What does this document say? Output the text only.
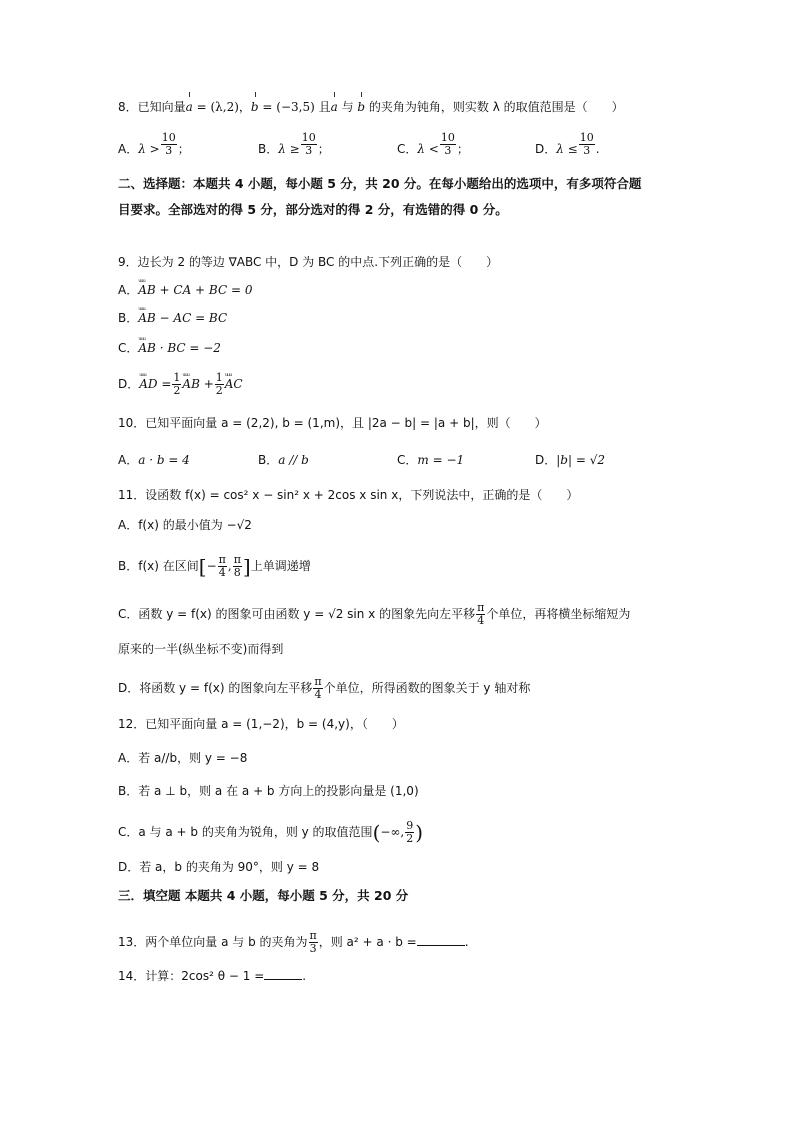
8．已知向量a = (λ,2)，b = (−3,5) 且a 与 b 的夹角为钝角，则实数 λ 的取值范围是（　　）
A．$\lambda > \frac{10}{3}$ ；	B．$\lambda \ge \frac{10}{3}$ ；	C．$\lambda < \frac{10}{3}$ ；	D．$\lambda \le \frac{10}{3}$ .
二、选择题：本题共 4 小题，每小题 5 分，共 20 分。在每小题给出的选项中，有多项符合题
目要求。全部选对的得 5 分，部分选对的得 2 分，有选错的得 0 分。
9．边长为 2 的等边 ∇ABC 中，D 为 BC 的中点.下列正确的是（　　）
A．ᵤᵤᵤ AB + CA + BC = 0
B．ᵤᵤᵤ AB − AC = BC
C．ᵤᵤᵤ AB · BC = −2
D．ᵤᵤᵤ AD = $\frac{1}{2}$ ᵤᵤᵤ AB + $\frac{1}{2}$ ᵤᵤᵤ AC
10．已知平面向量 a = (2,2), b = (1,m)，且 |2a − b| = |a + b|，则（　　）
A．a · b = 4	B．a // b	C．m = −1	D．|b| = √2
11．设函数 f(x) = cos² x − sin² x + 2cos x sin x，下列说法中，正确的是（　　）
A．f(x) 的最小值为 −√2
B．f(x) 在区间[− $\frac{\pi}{4}$ , $\frac{\pi}{8}$ ]上单调递增
C．函数 y = f(x) 的图象可由函数 y = √2 sin x 的图象先向左平移 $\frac{\pi}{4}$ 个单位，再将横坐标缩短为
原来的一半(纵坐标不变)而得到
D．将函数 y = f(x) 的图象向左平移 $\frac{\pi}{4}$ 个单位，所得函数的图象关于 y 轴对称
12．已知平面向量 a = (1,−2)，b = (4,y)，（　　）
A．若 a//b，则 y = −8
B．若 a ⊥ b，则 a 在 a + b 方向上的投影向量是 (1,0)
C．a 与 a + b 的夹角为锐角，则 y 的取值范围(−∞, $\frac{9}{2}$ )
D．若 a，b 的夹角为 90°，则 y = 8
三．填空题 本题共 4 小题，每小题 5 分，共 20 分
13．两个单位向量 a 与 b 的夹角为 $\frac{\pi}{3}$ ，则 a² + a · b =	.
14．计算：2cos² θ − 1 =	.
